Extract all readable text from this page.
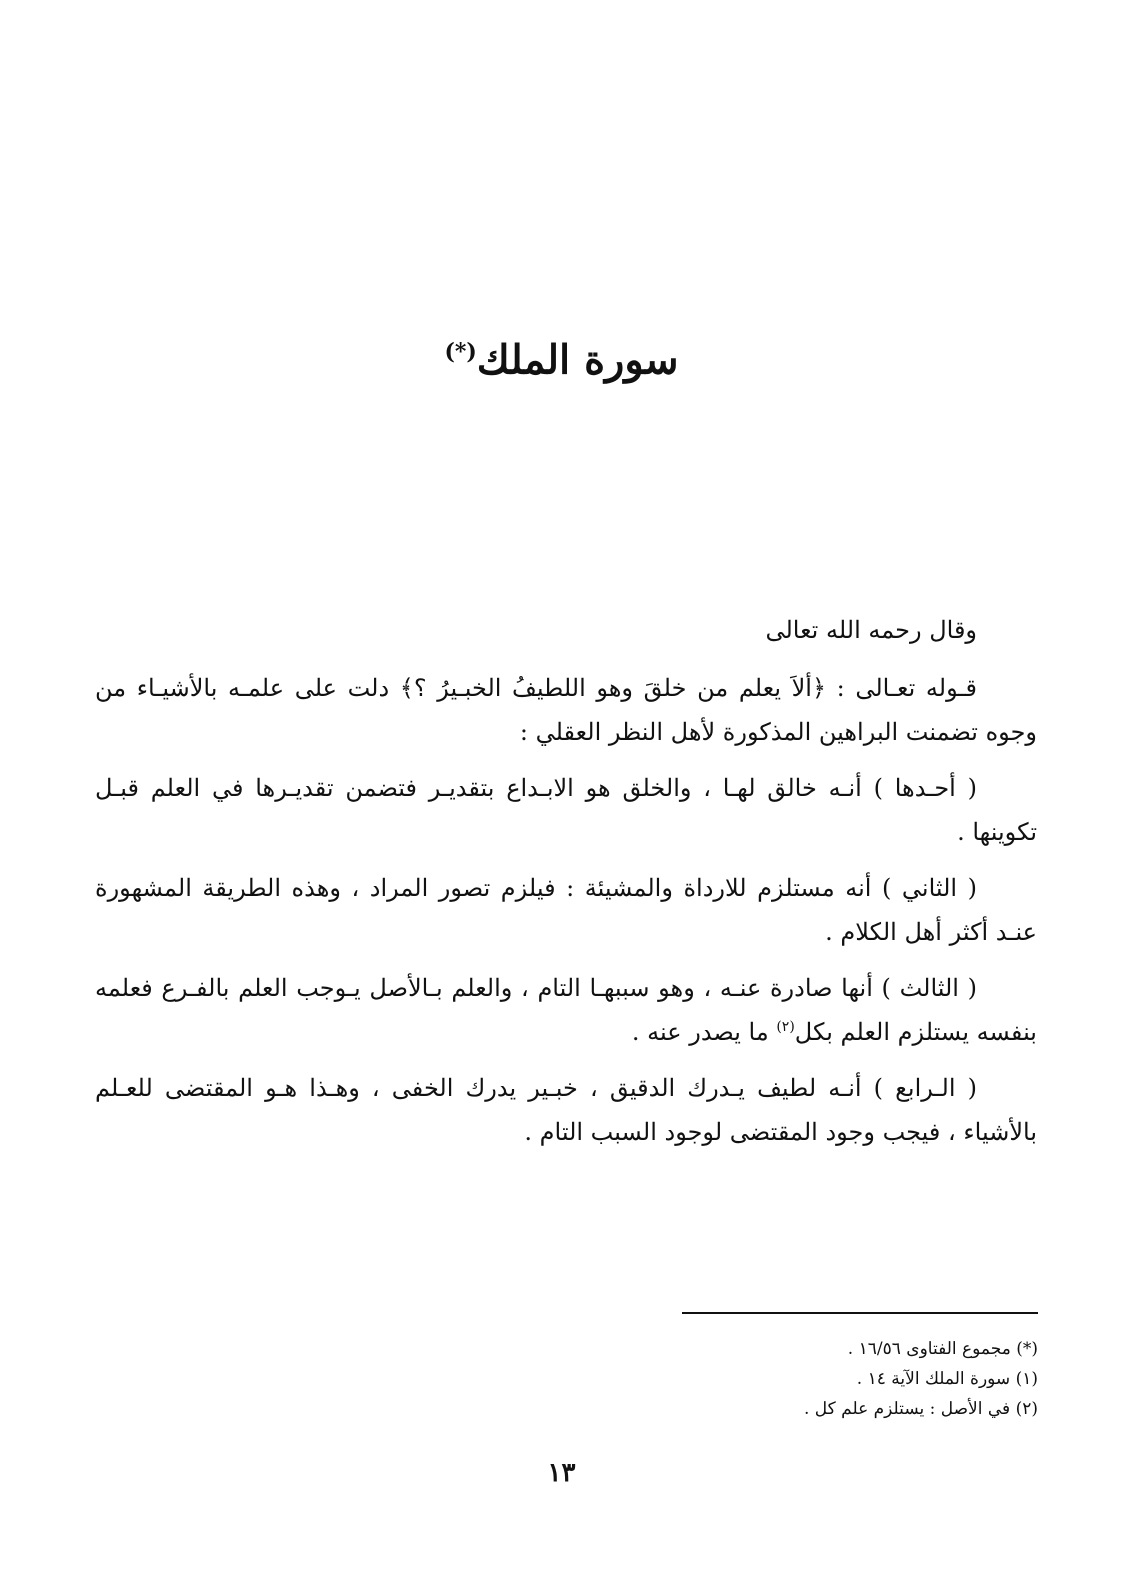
سورة الملك(*)

وقال رحمه الله تعالى

قـوله تعـالى : ﴿ألاَ يعلم من خلقَ وهو اللطيفُ الخبـيرُ ؟﴾ دلت على علمـه بالأشيـاء من وجوه تضمنت البراهين المذكورة لأهل النظر العقلي :

( أحـدها ) أنـه خالق لهـا ، والخلق هو الابـداع بتقديـر فتضمن تقديـرها في العلم قبـل تكوينها .

( الثاني ) أنه مستلزم للارداة والمشيئة : فيلزم تصور المراد ، وهذه الطريقة المشهورة عنـد أكثر أهل الكلام .

( الثالث ) أنها صادرة عنـه ، وهو سببهـا التام ، والعلم بـالأصل يـوجب العلم بالفـرع فعلمه بنفسه يستلزم العلم بكل$^{(٢)}$ ما يصدر عنه .

( الـرابع ) أنـه لطيف يـدرك الدقيق ، خبـير يدرك الخفى ، وهـذا هـو المقتضى للعـلم بالأشياء ، فيجب وجود المقتضى لوجود السبب التام .

(*) مجموع الفتاوى ١٦/٥٦ .

(١) سورة الملك الآية ١٤ .

(٢) في الأصل : يستلزم علم كل .

١٣
